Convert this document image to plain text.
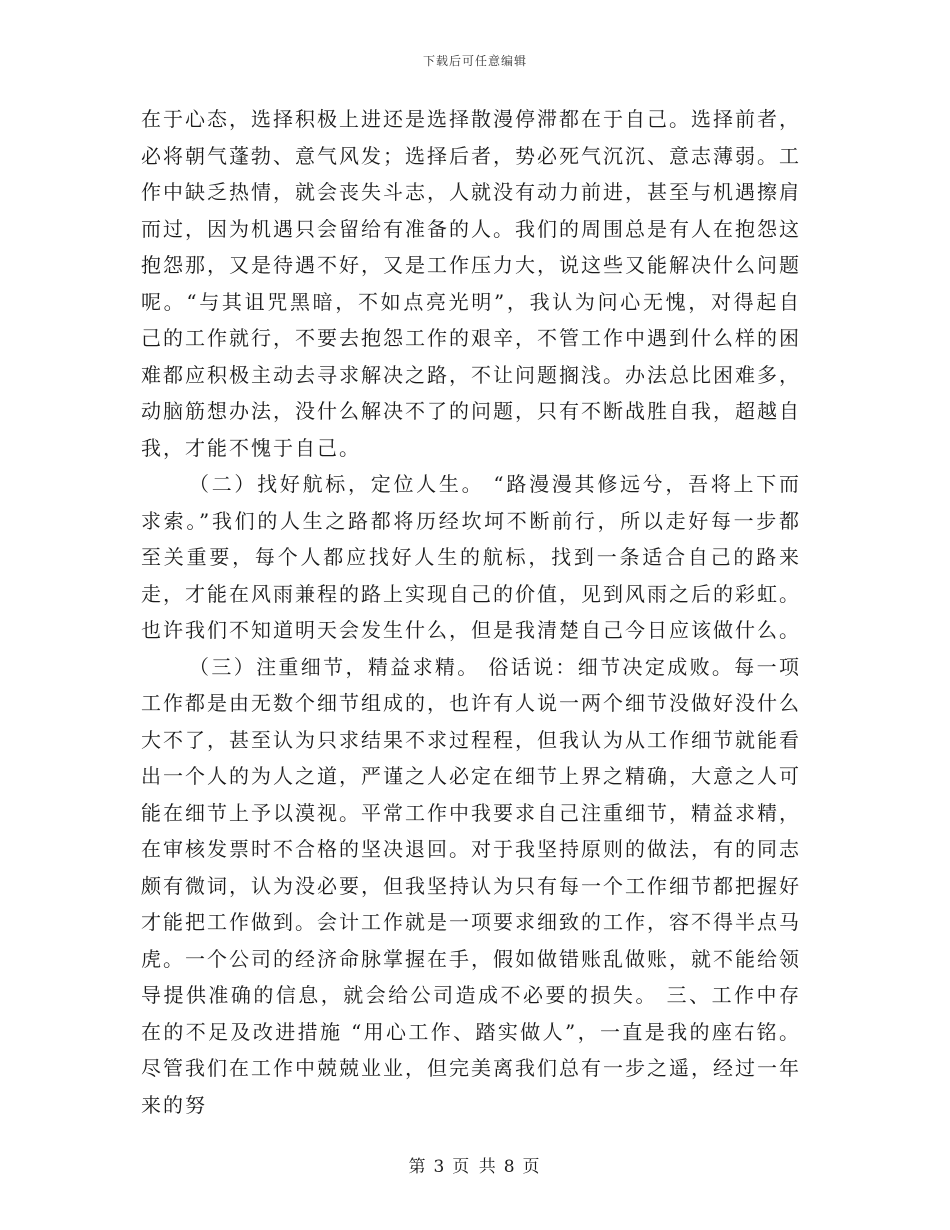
下载后可任意编辑

在于心态，选择积极上进还是选择散漫停滞都在于自己。选择前者，必将朝气蓬勃、意气风发；选择后者，势必死气沉沉、意志薄弱。工作中缺乏热情，就会丧失斗志，人就没有动力前进，甚至与机遇擦肩而过，因为机遇只会留给有准备的人。我们的周围总是有人在抱怨这抱怨那，又是待遇不好，又是工作压力大，说这些又能解决什么问题呢。“与其诅咒黑暗，不如点亮光明”，我认为问心无愧，对得起自己的工作就行，不要去抱怨工作的艰辛，不管工作中遇到什么样的困难都应积极主动去寻求解决之路，不让问题搁浅。办法总比困难多，动脑筋想办法，没什么解决不了的问题，只有不断战胜自我，超越自我，才能不愧于自己。

（二）找好航标，定位人生。 “路漫漫其修远兮，吾将上下而求索。”我们的人生之路都将历经坎坷不断前行，所以走好每一步都至关重要，每个人都应找好人生的航标，找到一条适合自己的路来走，才能在风雨兼程的路上实现自己的价值，见到风雨之后的彩虹。也许我们不知道明天会发生什么，但是我清楚自己今日应该做什么。

（三）注重细节，精益求精。 俗话说：细节决定成败。每一项工作都是由无数个细节组成的，也许有人说一两个细节没做好没什么大不了，甚至认为只求结果不求过程程，但我认为从工作细节就能看出一个人的为人之道，严谨之人必定在细节上界之精确，大意之人可能在细节上予以漠视。平常工作中我要求自己注重细节，精益求精，在审核发票时不合格的坚决退回。对于我坚持原则的做法，有的同志颇有微词，认为没必要，但我坚持认为只有每一个工作细节都把握好才能把工作做到。会计工作就是一项要求细致的工作，容不得半点马虎。一个公司的经济命脉掌握在手，假如做错账乱做账，就不能给领导提供准确的信息，就会给公司造成不必要的损失。 三、工作中存在的不足及改进措施 “用心工作、踏实做人”，一直是我的座右铭。尽管我们在工作中兢兢业业，但完美离我们总有一步之遥，经过一年来的努

第 3 页 共 8 页
